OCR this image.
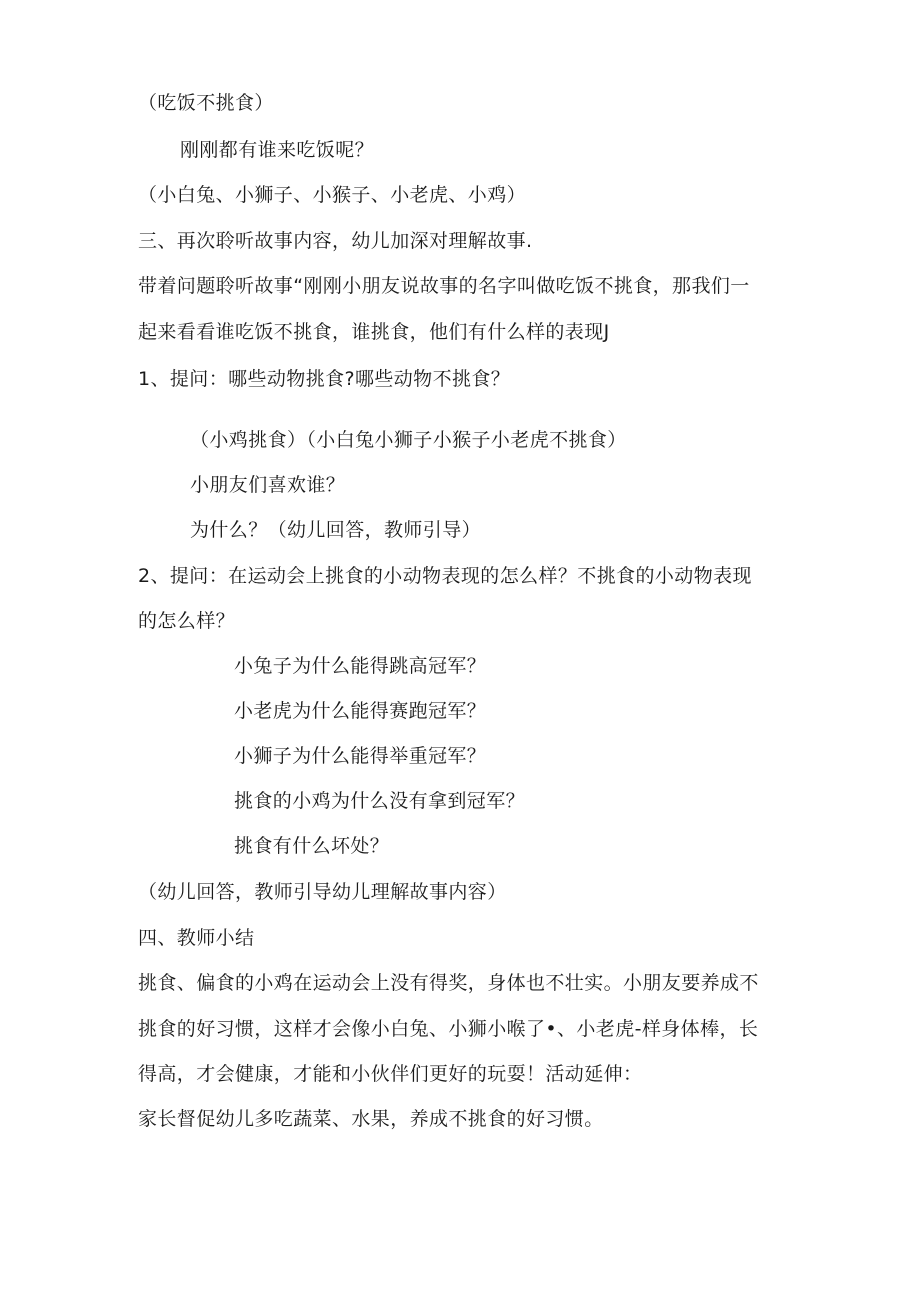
（吃饭不挑食）
刚刚都有谁来吃饭呢？
（小白兔、小狮子、小猴子、小老虎、小鸡）
三、再次聆听故事内容，幼儿加深对理解故事.
带着问题聆听故事“刚刚小朋友说故事的名字叫做吃饭不挑食，那我们一
起来看看谁吃饭不挑食，谁挑食，他们有什么样的表现J
1、提问：哪些动物挑食?哪些动物不挑食？
（小鸡挑食）（小白兔小狮子小猴子小老虎不挑食）
小朋友们喜欢谁？
为什么？（幼儿回答，教师引导）
2、提问：在运动会上挑食的小动物表现的怎么样？不挑食的小动物表现
的怎么样？
小兔子为什么能得跳高冠军？
小老虎为什么能得赛跑冠军？
小狮子为什么能得举重冠军？
挑食的小鸡为什么没有拿到冠军？
挑食有什么坏处？
（幼儿回答，教师引导幼儿理解故事内容）
四、教师小结
挑食、偏食的小鸡在运动会上没有得奖，身体也不壮实。小朋友要养成不
挑食的好习惯，这样才会像小白兔、小狮小喉了•、小老虎-样身体棒，长
得高，才会健康，才能和小伙伴们更好的玩耍！活动延伸：
家长督促幼儿多吃蔬菜、水果，养成不挑食的好习惯。
